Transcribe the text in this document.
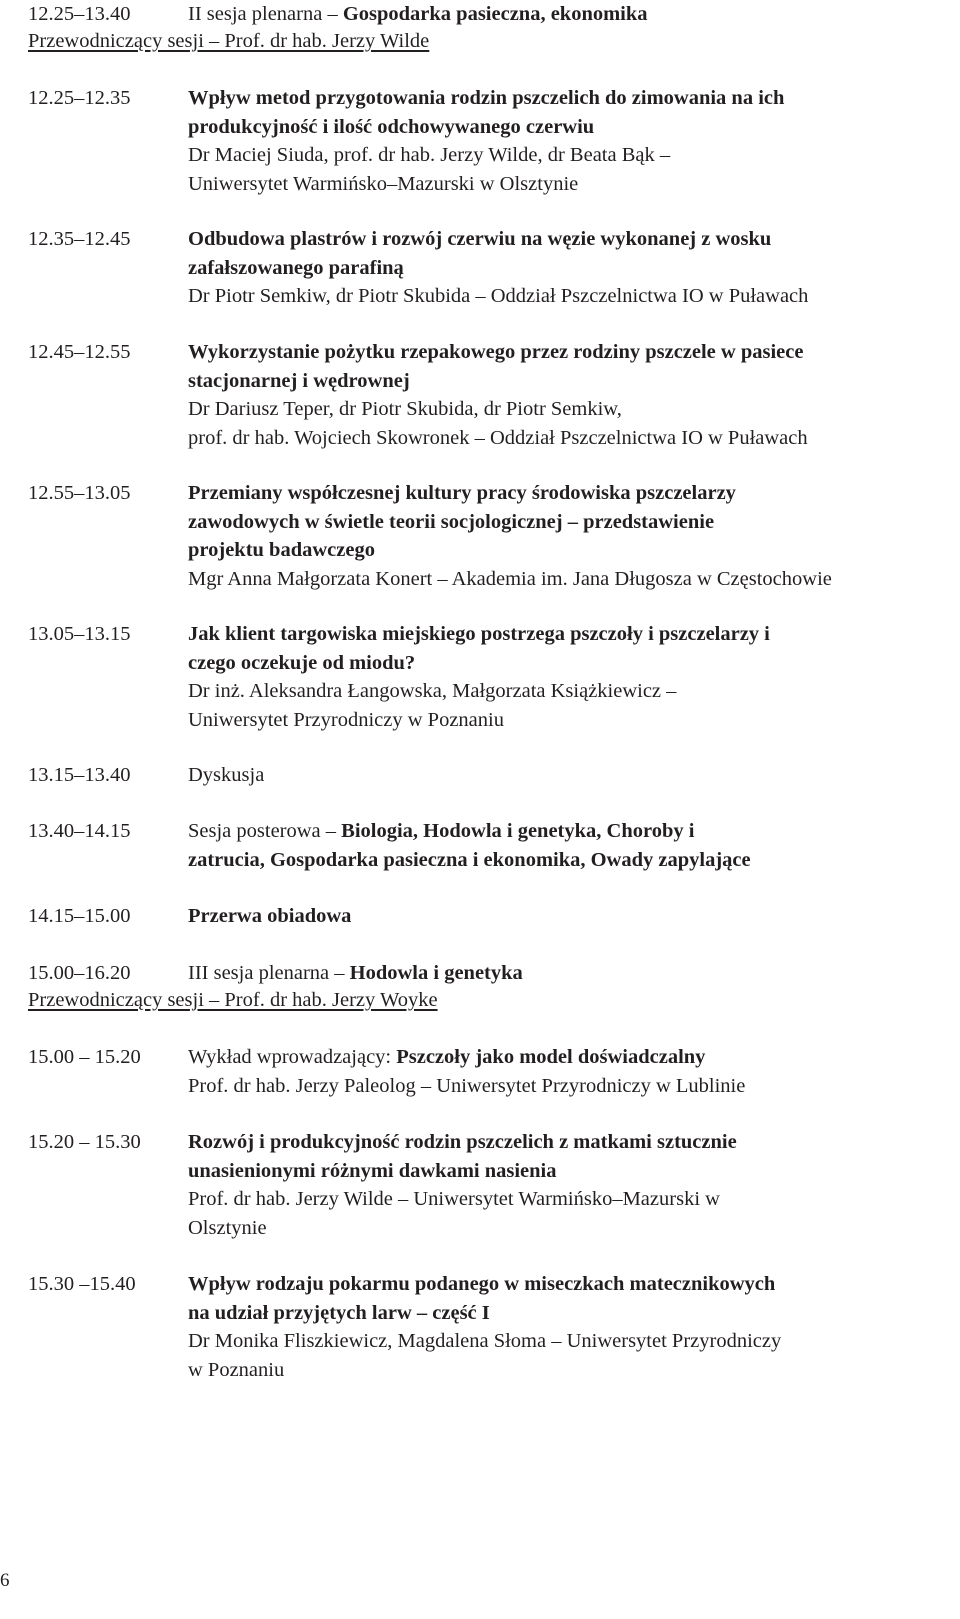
12.25–13.40	II sesja plenarna – Gospodarka pasieczna, ekonomika
12.25–12.35	Wpływ metod przygotowania rodzin pszczelich do zimowania na ich
produkcyjność i ilość odchowywanego czerwiu
Dr Maciej Siuda, prof. dr hab. Jerzy Wilde, dr Beata Bąk –
Uniwersytet Warmińsko–Mazurski w Olsztynie
12.35–12.45	Odbudowa plastrów i rozwój czerwiu na węzie wykonanej z wosku
zafałszowanego parafiną
Dr Piotr Semkiw, dr Piotr Skubida – Oddział Pszczelnictwa IO w Puławach
12.45–12.55	Wykorzystanie pożytku rzepakowego przez rodziny pszczele w pasiece
stacjonarnej i wędrownej
Dr Dariusz Teper, dr Piotr Skubida, dr Piotr Semkiw,
prof. dr hab. Wojciech Skowronek – Oddział Pszczelnictwa IO w Puławach
12.55–13.05	Przemiany współczesnej kultury pracy środowiska pszczelarzy
zawodowych w świetle teorii socjologicznej – przedstawienie
projektu badawczego
Mgr Anna Małgorzata Konert – Akademia im. Jana Długosza w Częstochowie
13.05–13.15	Jak klient targowiska miejskiego postrzega pszczoły i pszczelarzy i
czego oczekuje od miodu?
Dr inż. Aleksandra Łangowska, Małgorzata Książkiewicz –
Uniwersytet Przyrodniczy w Poznaniu
13.15–13.40	Dyskusja
13.40–14.15	Sesja posterowa – Biologia, Hodowla i genetyka, Choroby i
zatrucia, Gospodarka pasieczna i ekonomika, Owady zapylające
14.15–15.00	Przerwa obiadowa
15.00–16.20	III sesja plenarna – Hodowla i genetyka
15.00 – 15.20 Wykład wprowadzający: Pszczoły jako model doświadczalny
Prof. dr hab. Jerzy Paleolog – Uniwersytet Przyrodniczy w Lublinie
15.20 – 15.30 Rozwój i produkcyjność rodzin pszczelich z matkami sztucznie
unasienionymi różnymi dawkami nasienia
Prof. dr hab. Jerzy Wilde – Uniwersytet Warmińsko–Mazurski w
Olsztynie
15.30 –15.40	Wpływ rodzaju pokarmu podanego w miseczkach matecznikowych
na udział przyjętych larw – część I
Dr Monika Fliszkiewicz, Magdalena Słoma – Uniwersytet Przyrodniczy
w Poznaniu
Przewodniczący sesji – Prof. dr hab. Jerzy Wilde
Przewodniczący sesji – Prof. dr hab. Jerzy Woyke
6
